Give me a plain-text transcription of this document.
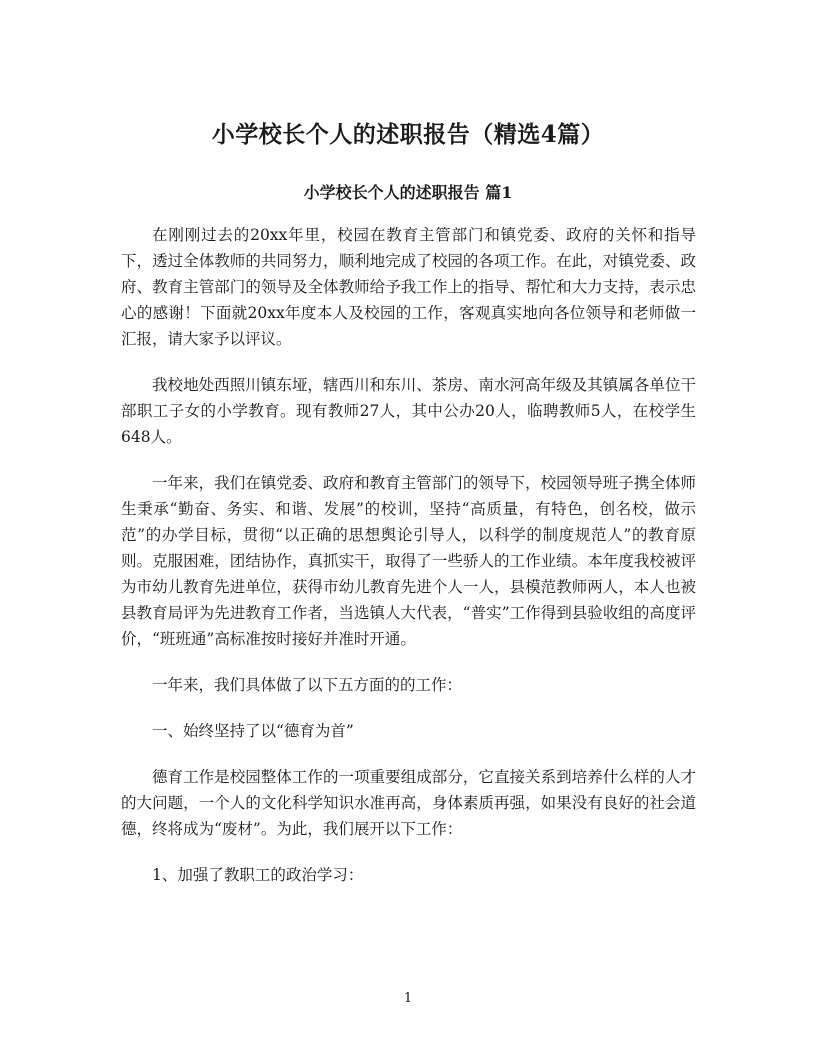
小学校长个人的述职报告（精选4篇）
小学校长个人的述职报告 篇1

在刚刚过去的20xx年里，校园在教育主管部门和镇党委、政府的关怀和指导下，透过全体教师的共同努力，顺利地完成了校园的各项工作。在此，对镇党委、政府、教育主管部门的领导及全体教师给予我工作上的指导、帮忙和大力支持，表示忠心的感谢！下面就20xx年度本人及校园的工作，客观真实地向各位领导和老师做一汇报，请大家予以评议。

我校地处西照川镇东垭，辖西川和东川、茶房、南水河高年级及其镇属各单位干部职工子女的小学教育。现有教师27人，其中公办20人，临聘教师5人，在校学生648人。

一年来，我们在镇党委、政府和教育主管部门的领导下，校园领导班子携全体师生秉承“勤奋、务实、和谐、发展”的校训，坚持“高质量，有特色，创名校，做示范”的办学目标，贯彻“以正确的思想舆论引导人，以科学的制度规范人”的教育原则。克服困难，团结协作，真抓实干，取得了一些骄人的工作业绩。本年度我校被评为市幼儿教育先进单位，获得市幼儿教育先进个人一人，县模范教师两人，本人也被县教育局评为先进教育工作者，当选镇人大代表，“普实”工作得到县验收组的高度评价，“班班通”高标准按时接好并准时开通。

一年来，我们具体做了以下五方面的的工作：

一、始终坚持了以“德育为首”

德育工作是校园整体工作的一项重要组成部分，它直接关系到培养什么样的人才的大问题，一个人的文化科学知识水准再高，身体素质再强，如果没有良好的社会道德，终将成为“废材”。为此，我们展开以下工作：

1、加强了教职工的政治学习：

1
